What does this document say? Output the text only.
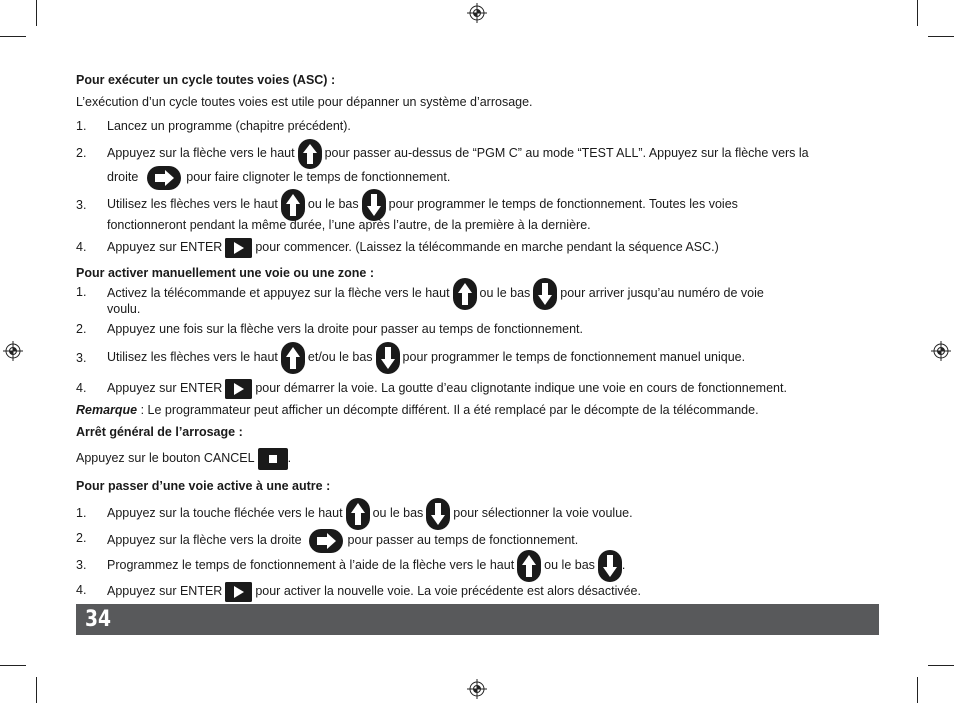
Pour exécuter un cycle toutes voies (ASC) :
L’exécution d’un cycle toutes voies est utile pour dépanner un système d’arrosage.
1. Lancez un programme (chapitre précédent).
2. Appuyez sur la flèche vers le haut pour passer au-dessus de “PGM C” au mode “TEST ALL”. Appuyez sur la flèche vers la
droite	pour faire clignoter le temps de fonctionnement.
3. Utilisez les flèches vers le haut ou le bas pour programmer le temps de fonctionnement. Toutes les voies
fonctionneront pendant la même durée, l’une après l’autre, de la première à la dernière.
4. Appuyez sur ENTER	pour commencer. (Laissez la télécommande en marche pendant la séquence ASC.)
Pour activer manuellement une voie ou une zone :
1. Activez la télécommande et appuyez sur la flèche vers le haut ou le bas pour arriver jusqu’au numéro de voie
voulu.
2. Appuyez une fois sur la flèche vers la droite pour passer au temps de fonctionnement.
3. Utilisez les flèches vers le haut et/ou le bas pour programmer le temps de fonctionnement manuel unique.
4. Appuyez sur ENTER	pour démarrer la voie. La goutte d’eau clignotante indique une voie en cours de fonctionnement.
Remarque : Le programmateur peut afficher un décompte différent. Il a été remplacé par le décompte de la télécommande.
Arrêt général de l’arrosage :
Appuyez sur le bouton CANCEL	.
Pour passer d’une voie active à une autre :
1. Appuyez sur la touche fléchée vers le haut ou le bas pour sélectionner la voie voulue.
2. Appuyez sur la flèche vers la droite	pour passer au temps de fonctionnement.
3. Programmez le temps de fonctionnement à l’aide de la flèche vers le haut ou le bas .
4. Appuyez sur ENTER	pour activer la nouvelle voie. La voie précédente est alors désactivée.
34
